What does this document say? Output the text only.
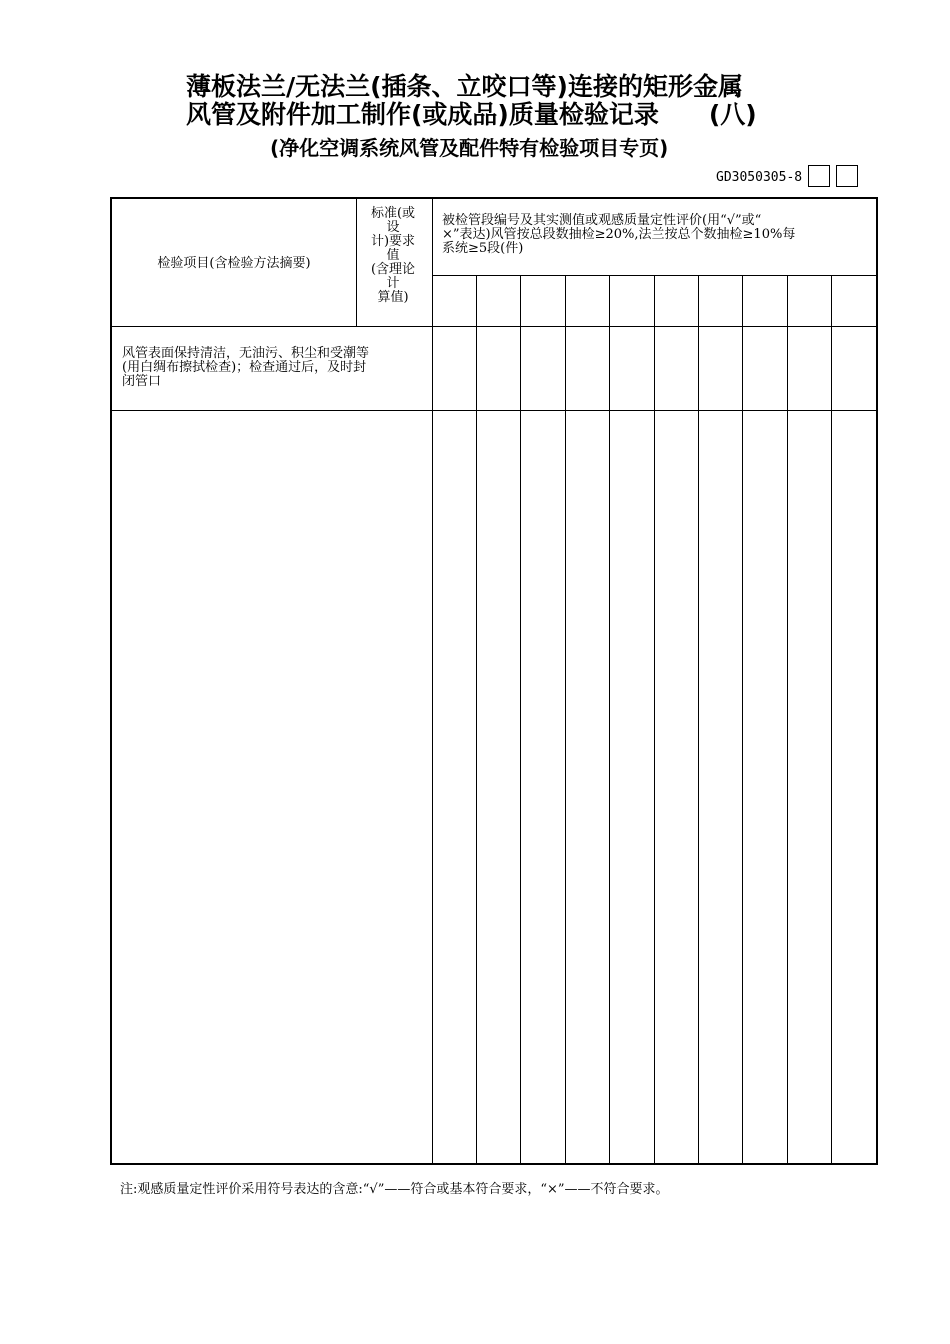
薄板法兰/无法兰(插条、立咬口等)连接的矩形金属
风管及附件加工制作(或成品)质量检验记录　　(八)
(净化空调系统风管及配件特有检验项目专页)
GD3050305-8
检验项目(含检验方法摘要)
标准(或
设
计)要求
值
(含理论
计
算值)
被检管段编号及其实测值或观感质量定性评价(用“√”或“
×”表达)风管按总段数抽检≥20%,法兰按总个数抽检≥10%每
系统≥5段(件)
风管表面保持清洁，无油污、积尘和受潮等
(用白绸布擦拭检查)；检查通过后，及时封
闭管口
注:观感质量定性评价采用符号表达的含意:“√”——符合或基本符合要求，“×”——不符合要求。
